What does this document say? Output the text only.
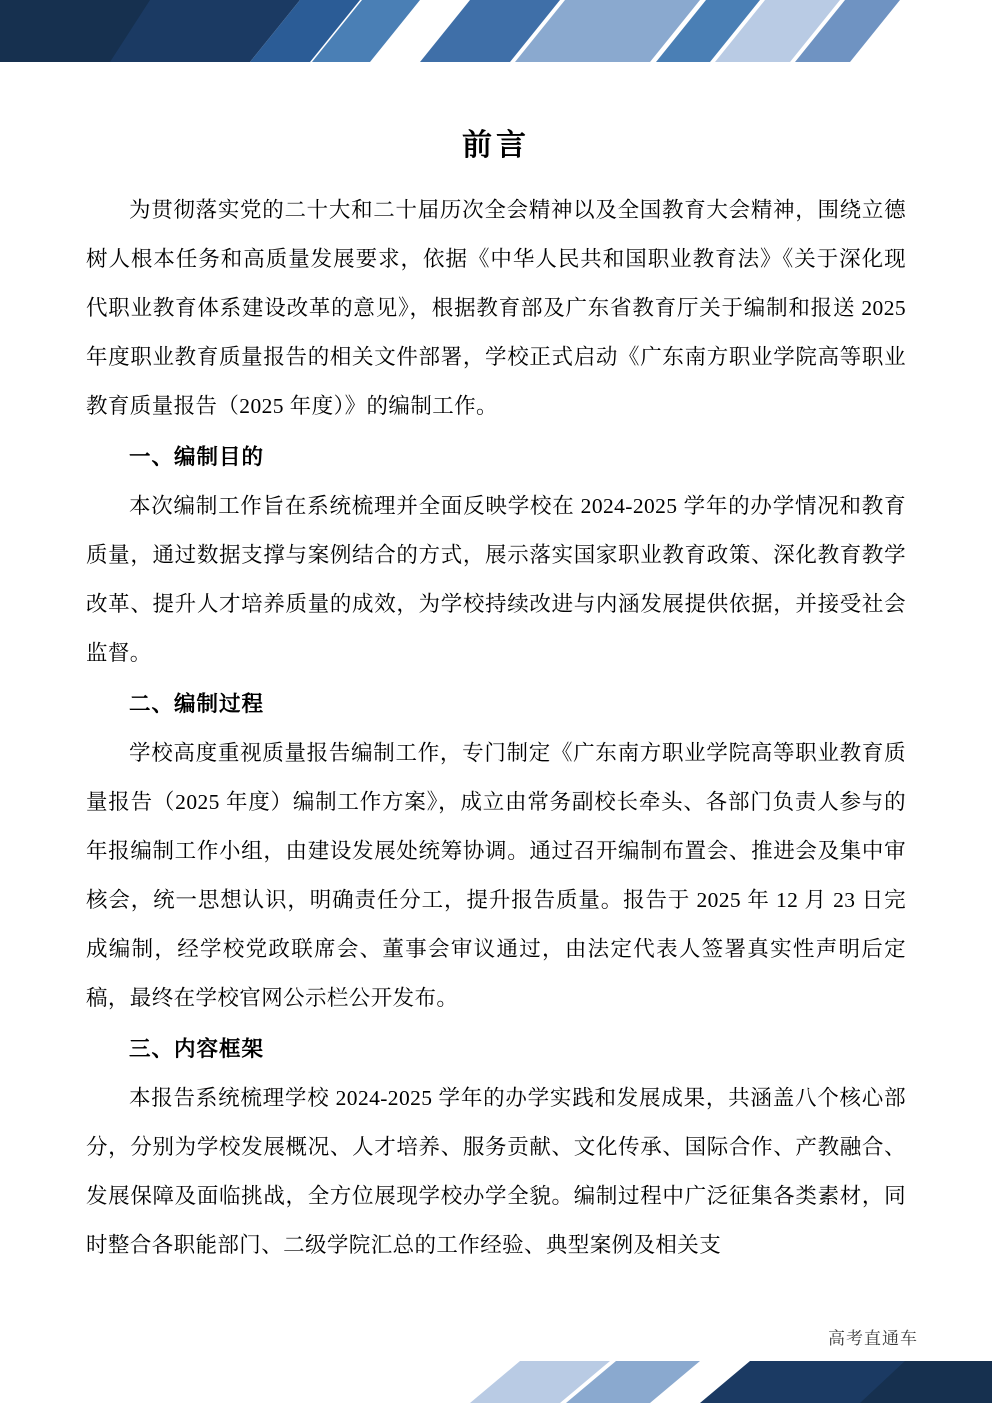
前言

为贯彻落实党的二十大和二十届历次全会精神以及全国教育大会精神，围绕立德树人根本任务和高质量发展要求，依据《中华人民共和国职业教育法》《关于深化现代职业教育体系建设改革的意见》，根据教育部及广东省教育厅关于编制和报送 2025 年度职业教育质量报告的相关文件部署，学校正式启动《广东南方职业学院高等职业教育质量报告（2025 年度）》的编制工作。

一、编制目的

本次编制工作旨在系统梳理并全面反映学校在 2024-2025 学年的办学情况和教育质量，通过数据支撑与案例结合的方式，展示落实国家职业教育政策、深化教育教学改革、提升人才培养质量的成效，为学校持续改进与内涵发展提供依据，并接受社会监督。

二、编制过程

学校高度重视质量报告编制工作，专门制定《广东南方职业学院高等职业教育质量报告（2025 年度）编制工作方案》，成立由常务副校长牵头、各部门负责人参与的年报编制工作小组，由建设发展处统筹协调。通过召开编制布置会、推进会及集中审核会，统一思想认识，明确责任分工，提升报告质量。报告于 2025 年 12 月 23 日完成编制，经学校党政联席会、董事会审议通过，由法定代表人签署真实性声明后定稿，最终在学校官网公示栏公开发布。

三、内容框架

本报告系统梳理学校 2024-2025 学年的办学实践和发展成果，共涵盖八个核心部分，分别为学校发展概况、人才培养、服务贡献、文化传承、国际合作、产教融合、发展保障及面临挑战，全方位展现学校办学全貌。编制过程中广泛征集各类素材，同时整合各职能部门、二级学院汇总的工作经验、典型案例及相关支

高考直通车
